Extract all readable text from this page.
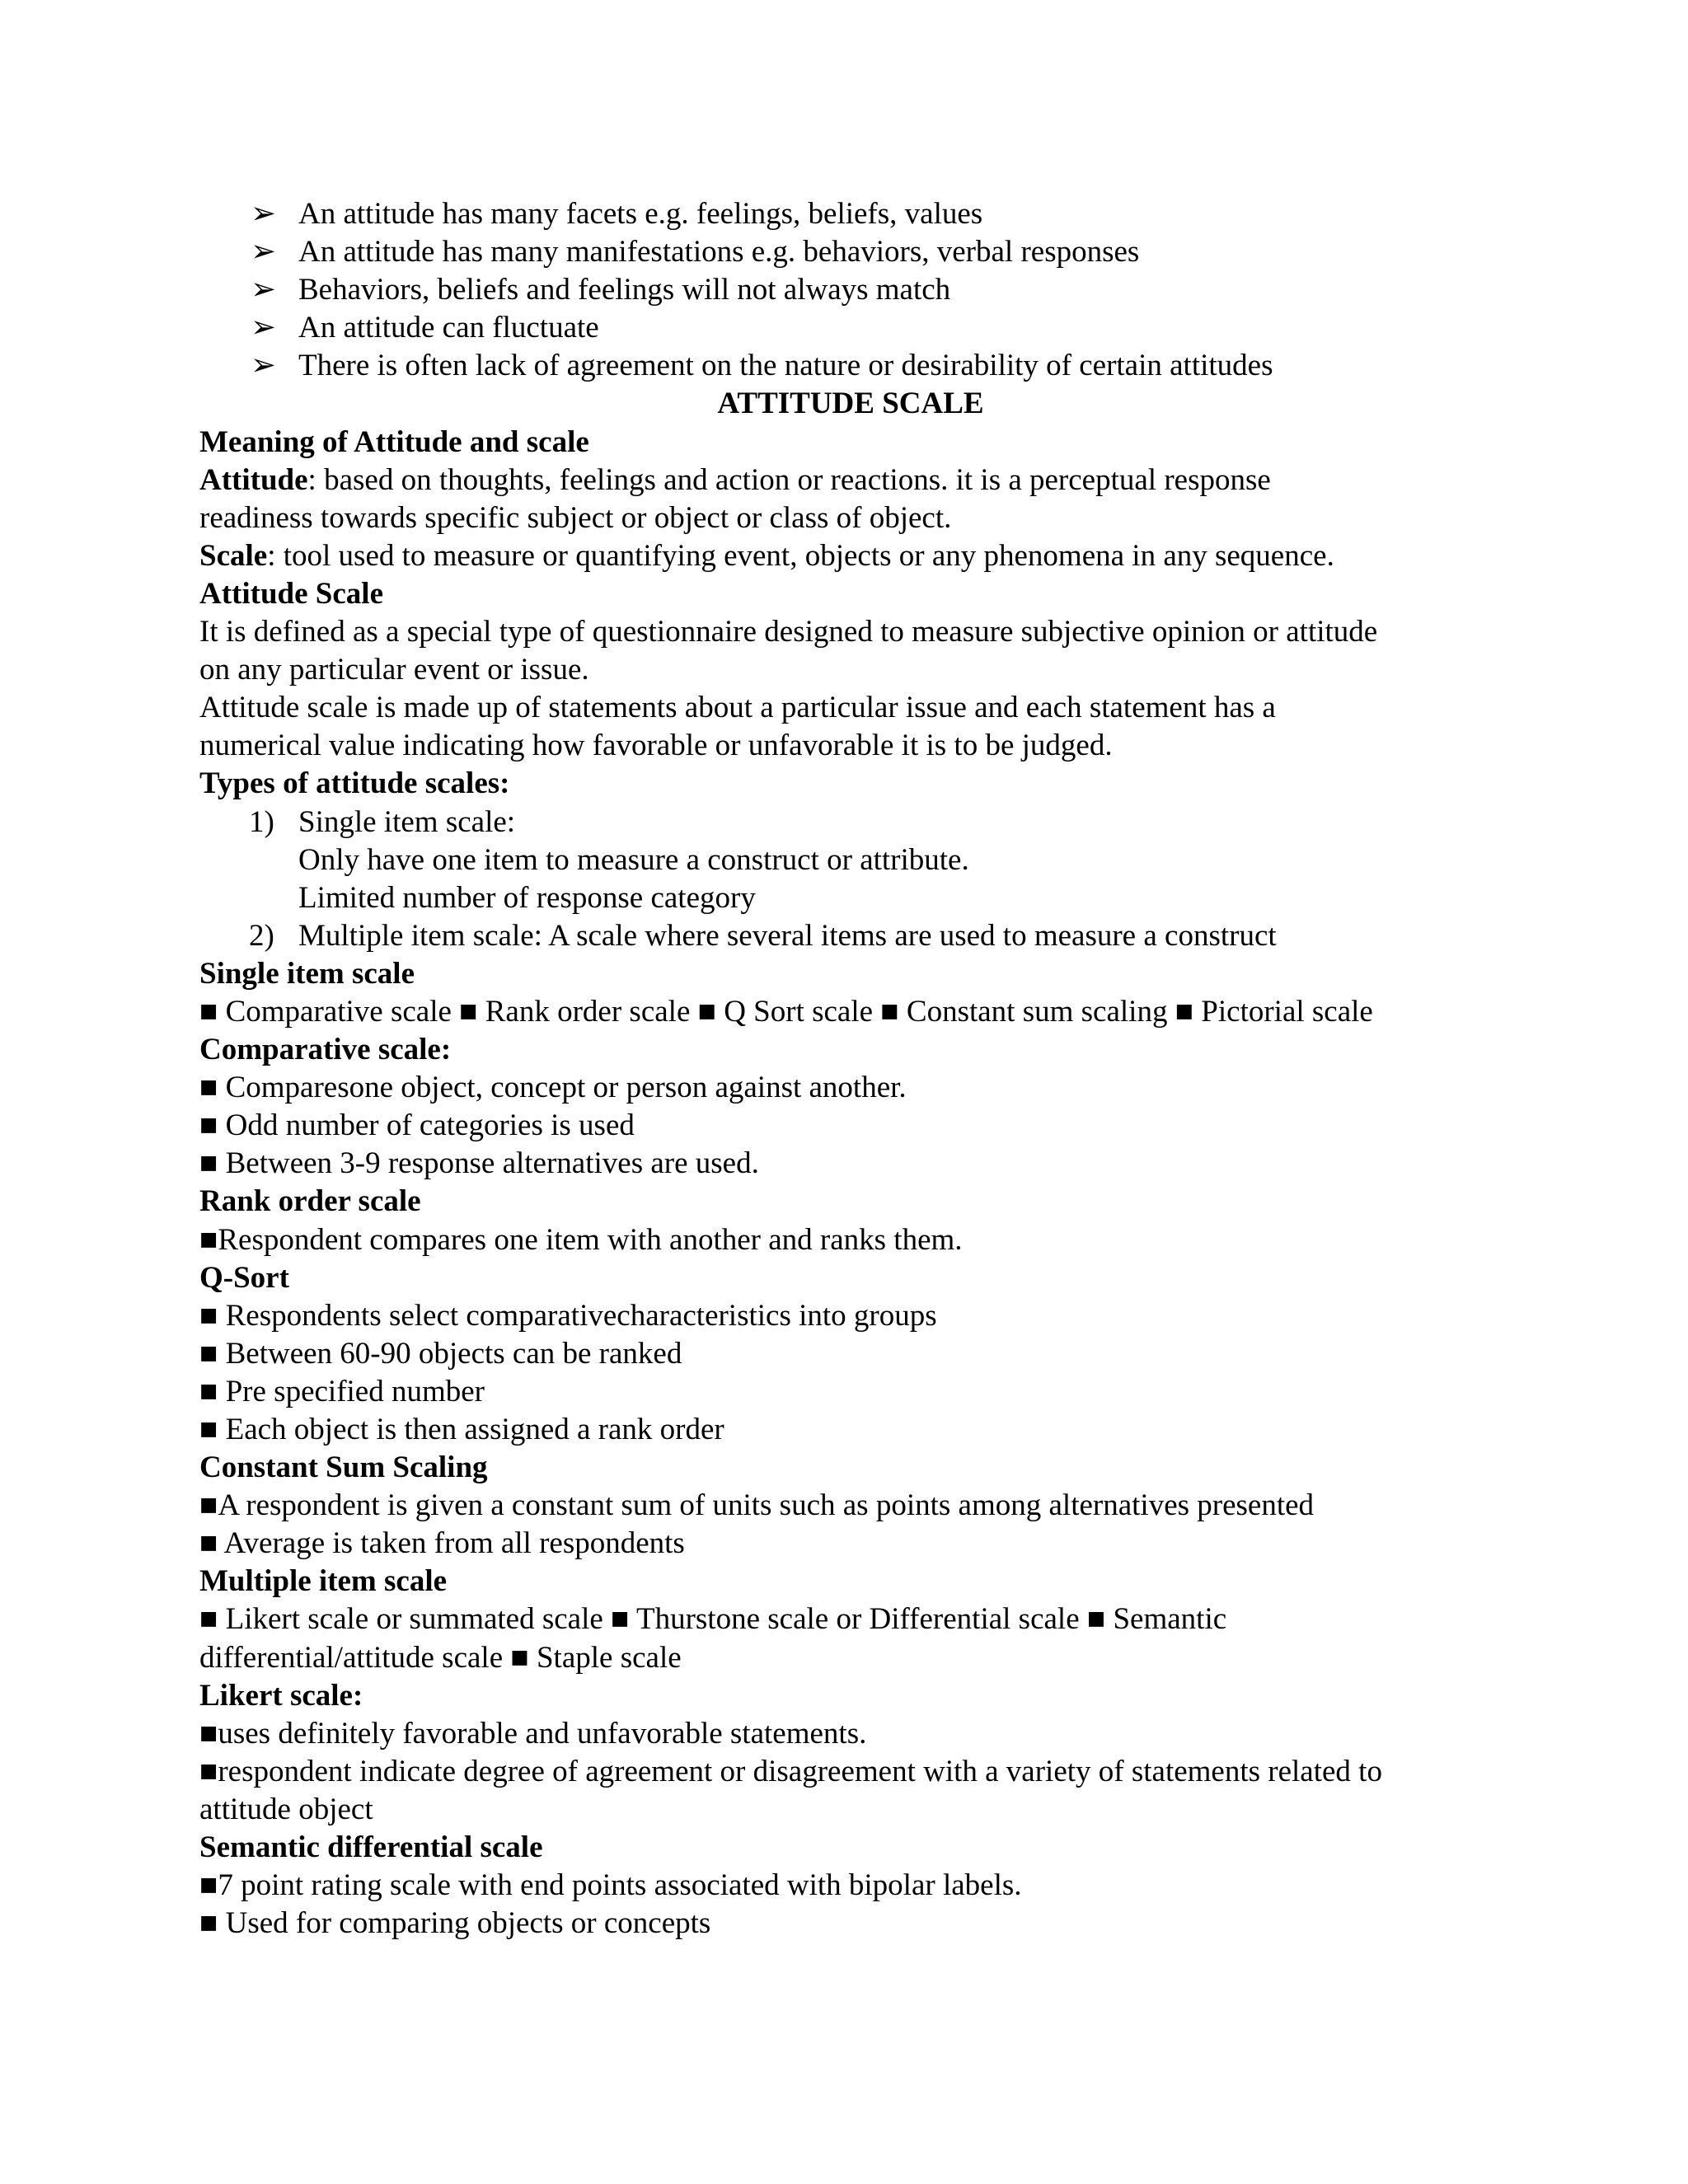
➢ An attitude has many facets e.g. feelings, beliefs, values
➢ An attitude has many manifestations e.g. behaviors, verbal responses
➢ Behaviors, beliefs and feelings will not always match
➢ An attitude can fluctuate
➢ There is often lack of agreement on the nature or desirability of certain attitudes
ATTITUDE SCALE
Meaning of Attitude and scale
Attitude: based on thoughts, feelings and action or reactions. it is a perceptual response
readiness towards specific subject or object or class of object.
Scale: tool used to measure or quantifying event, objects or any phenomena in any sequence.
Attitude Scale
It is defined as a special type of questionnaire designed to measure subjective opinion or attitude
on any particular event or issue.
Attitude scale is made up of statements about a particular issue and each statement has a
numerical value indicating how favorable or unfavorable it is to be judged.
Types of attitude scales:
1) Single item scale:
Only have one item to measure a construct or attribute.
Limited number of response category
2) Multiple item scale: A scale where several items are used to measure a construct
Single item scale
■ Comparative scale ■ Rank order scale ■ Q Sort scale ■ Constant sum scaling ■ Pictorial scale
Comparative scale:
■ Comparesone object, concept or person against another.
■ Odd number of categories is used
■ Between 3-9 response alternatives are used.
Rank order scale
■Respondent compares one item with another and ranks them.
Q-Sort
■ Respondents select comparativecharacteristics into groups
■ Between 60-90 objects can be ranked
■ Pre specified number
■ Each object is then assigned a rank order
Constant Sum Scaling
■A respondent is given a constant sum of units such as points among alternatives presented
■ Average is taken from all respondents
Multiple item scale
■ Likert scale or summated scale ■ Thurstone scale or Differential scale ■ Semantic
differential/attitude scale ■ Staple scale
Likert scale:
■uses definitely favorable and unfavorable statements.
■respondent indicate degree of agreement or disagreement with a variety of statements related to
attitude object
Semantic differential scale
■7 point rating scale with end points associated with bipolar labels.
■ Used for comparing objects or concepts
